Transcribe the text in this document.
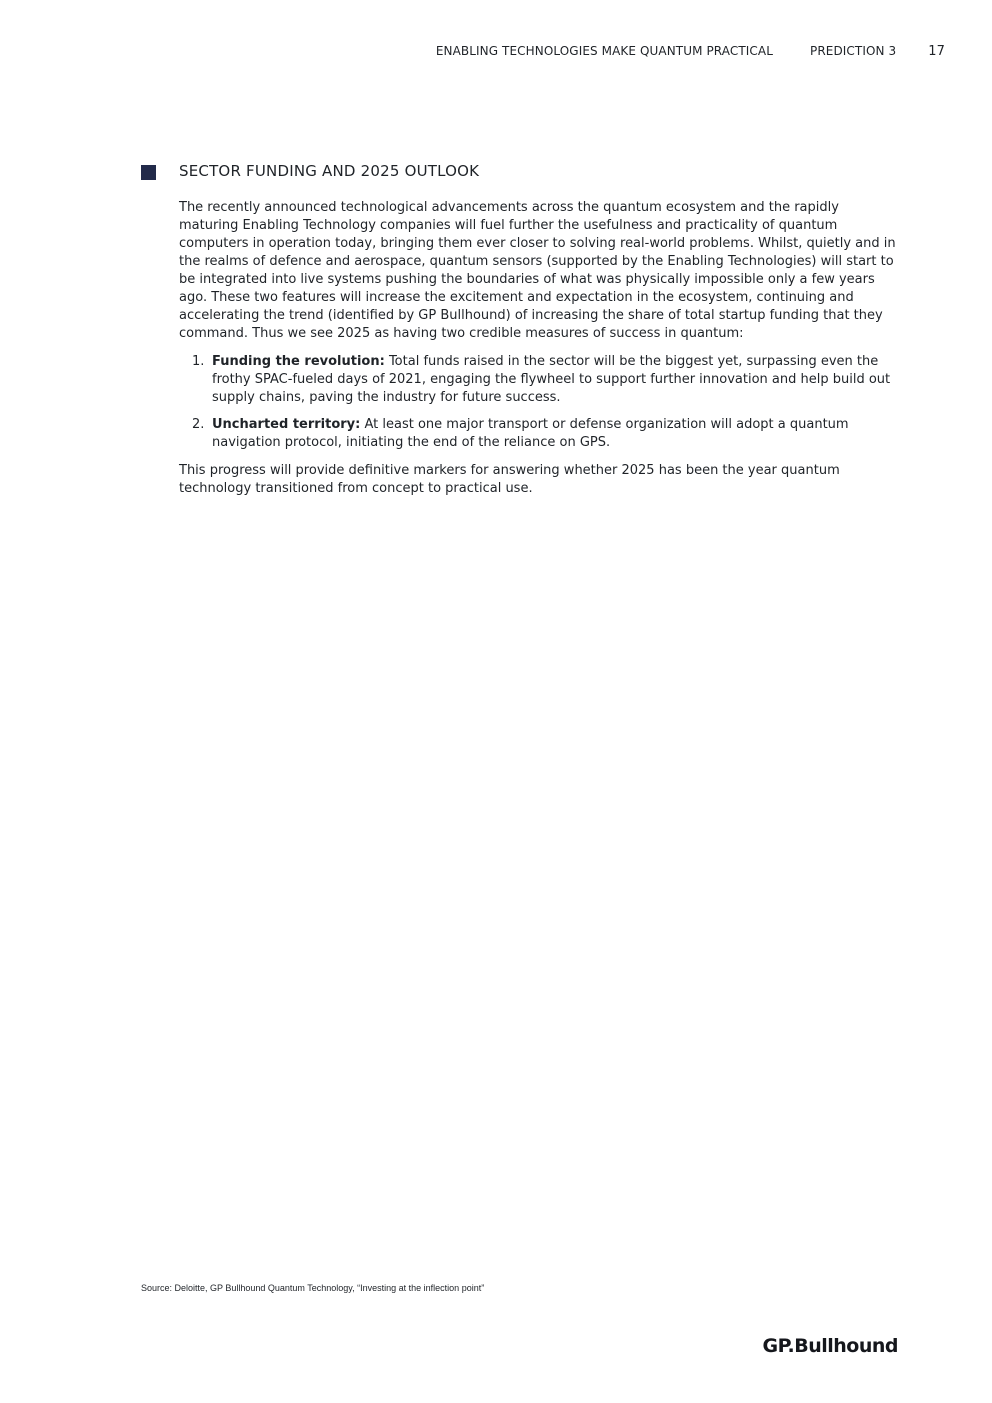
ENABLING TECHNOLOGIES MAKE QUANTUM PRACTICAL	PREDICTION 3 17
SECTOR FUNDING AND 2025 OUTLOOK

The recently announced technological advancements across the quantum ecosystem and the rapidly maturing Enabling Technology companies will fuel further the usefulness and practicality of quantum computers in operation today, bringing them ever closer to solving real-world problems. Whilst, quietly and in the realms of defence and aerospace, quantum sensors (supported by the Enabling Technologies) will start to be integrated into live systems pushing the boundaries of what was physically impossible only a few years ago. These two features will increase the excitement and expectation in the ecosystem, continuing and accelerating the trend (identified by GP Bullhound) of increasing the share of total startup funding that they command. Thus we see 2025 as having two credible measures of success in quantum:

1. Funding the revolution: Total funds raised in the sector will be the biggest yet, surpassing even the frothy SPAC-fueled days of 2021, engaging the flywheel to support further innovation and help build out supply chains, paving the industry for future success.
2. Uncharted territory: At least one major transport or defense organization will adopt a quantum navigation protocol, initiating the end of the reliance on GPS.

This progress will provide definitive markers for answering whether 2025 has been the year quantum technology transitioned from concept to practical use.

Source: Deloitte, GP Bullhound Quantum Technology, “Investing at the inflection point”
GP.Bullhound
